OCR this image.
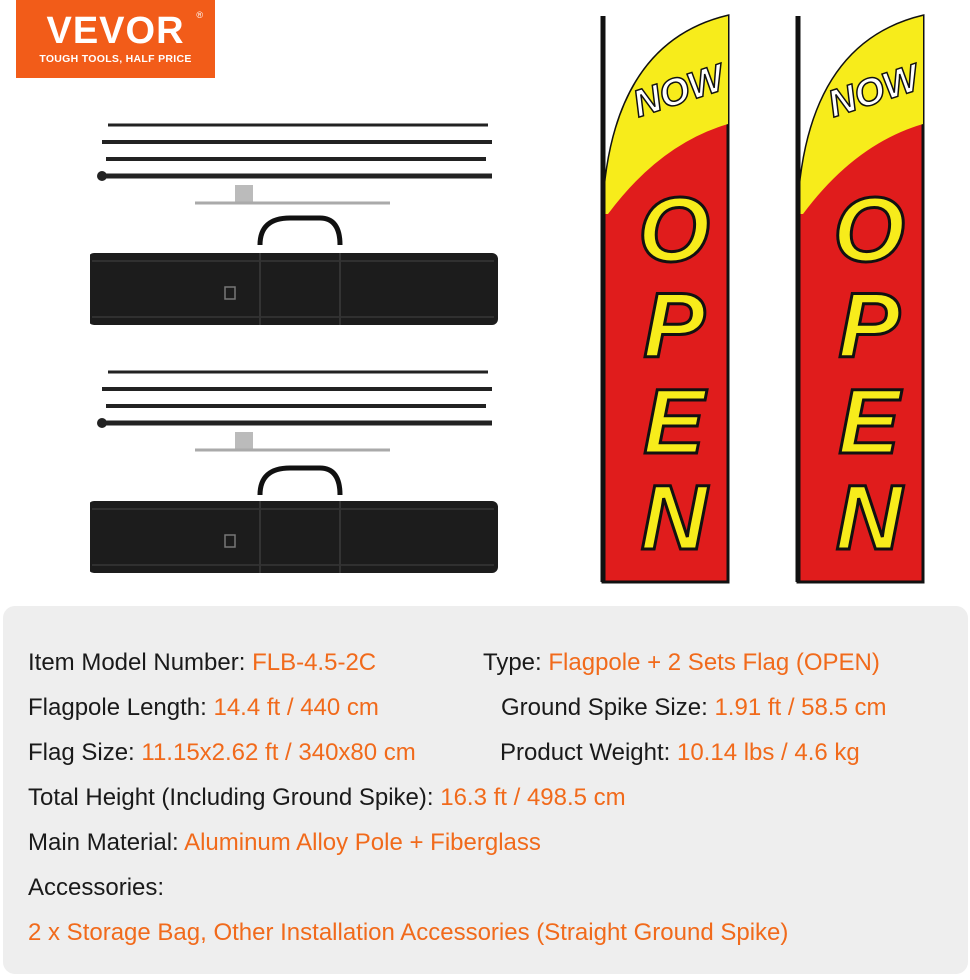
VEVOR	®
TOUGH TOOLS, HALF PRICE	NOW
O
P
E
N
NOW
O
P
E
N
Item Model Number: FLB-4.5-2C	Type: Flagpole + 2 Sets Flag (OPEN)
Flagpole Length: 14.4 ft / 440 cm	Ground Spike Size: 1.91 ft / 58.5 cm
Flag Size: 11.15x2.62 ft / 340x80 cm	Product Weight: 10.14 lbs / 4.6 kg
Total Height (Including Ground Spike): 16.3 ft / 498.5 cm
Main Material: Aluminum Alloy Pole + Fiberglass
Accessories:
2 x Storage Bag, Other Installation Accessories (Straight Ground Spike)
